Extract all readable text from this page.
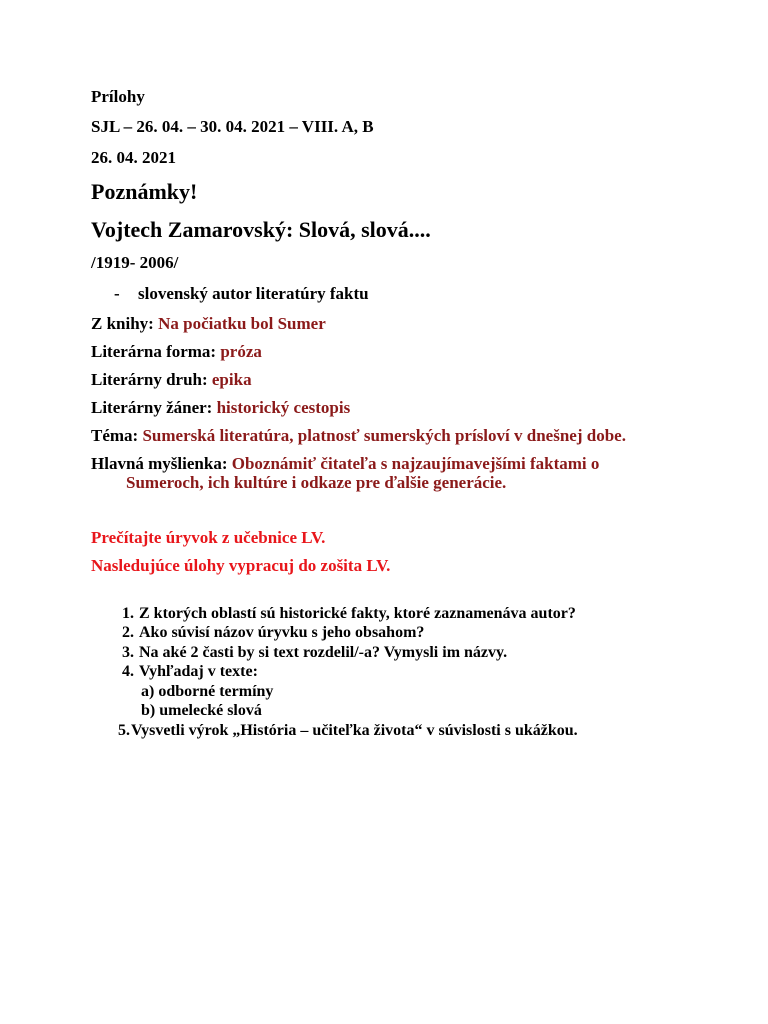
Prílohy

SJL – 26. 04. – 30. 04. 2021 – VIII. A, B

26. 04. 2021

Poznámky!

Vojtech Zamarovský: Slová, slová....

/1919- 2006/

- slovenský autor literatúry faktu

Z knihy: Na počiatku bol Sumer

Literárna forma: próza

Literárny druh: epika

Literárny žáner: historický cestopis

Téma: Sumerská literatúra, platnosť sumerských prísloví v dnešnej dobe.

Hlavná myšlienka: Oboznámiť čitateľa s najzaujímavejšími faktami o

Sumeroch, ich kultúre i odkaze pre ďalšie generácie.

Prečítajte úryvok z učebnice LV.

Nasledujúce úlohy vypracuj do zošita LV.

1. Z ktorých oblastí sú historické fakty, ktoré zaznamenáva autor?
2. Ako súvisí názov úryvku s jeho obsahom?
3. Na aké 2 časti by si text rozdelil/-a? Vymysli im názvy.
4. Vyhľadaj v texte:
a) odborné termíny
b) umelecké slová
5. Vysvetli výrok „História – učiteľka života“ v súvislosti s ukážkou.
